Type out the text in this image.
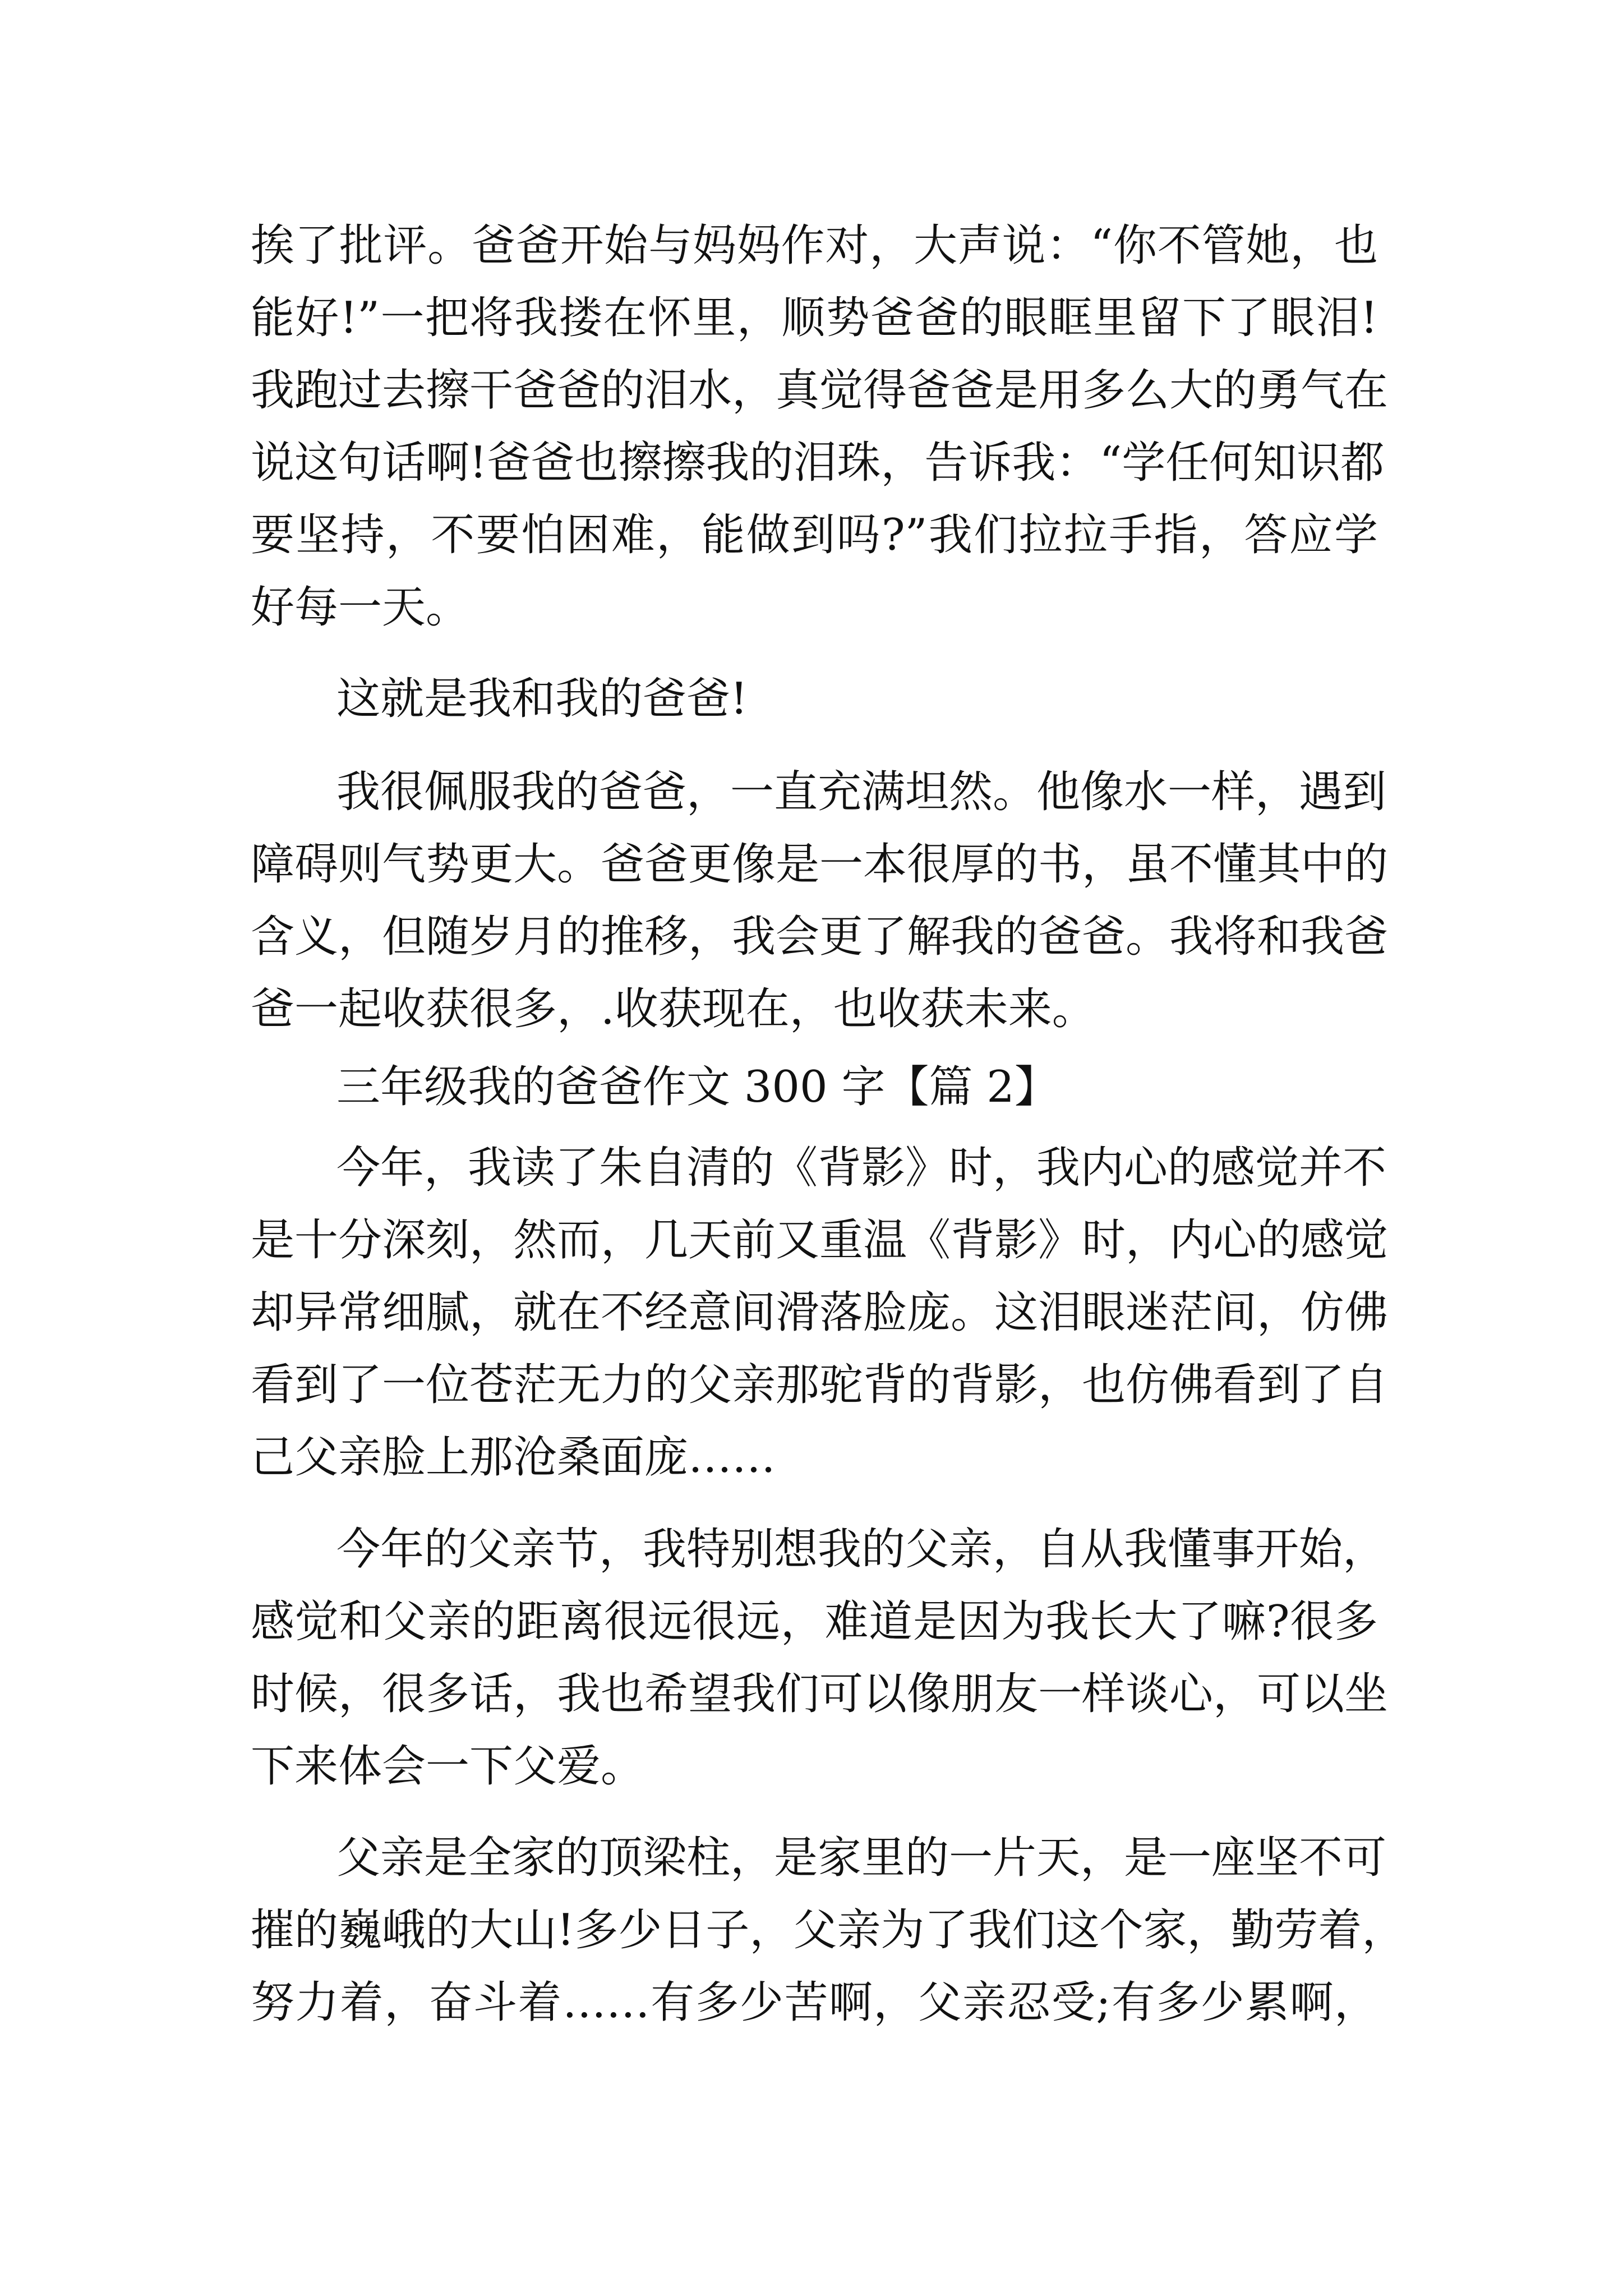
挨了批评。爸爸开始与妈妈作对，大声说：“你不管她，也
能好!”一把将我搂在怀里，顺势爸爸的眼眶里留下了眼泪!
我跑过去擦干爸爸的泪水，真觉得爸爸是用多么大的勇气在
说这句话啊!爸爸也擦擦我的泪珠，告诉我：“学任何知识都
要坚持，不要怕困难，能做到吗?”我们拉拉手指，答应学
好每一天。
这就是我和我的爸爸!
我很佩服我的爸爸，一直充满坦然。他像水一样，遇到
障碍则气势更大。爸爸更像是一本很厚的书，虽不懂其中的
含义，但随岁月的推移，我会更了解我的爸爸。我将和我爸
爸一起收获很多，.收获现在，也收获未来。
三年级我的爸爸作文 300 字【篇 2】
今年，我读了朱自清的《背影》时，我内心的感觉并不
是十分深刻，然而，几天前又重温《背影》时，内心的感觉
却异常细腻，就在不经意间滑落脸庞。这泪眼迷茫间，仿佛
看到了一位苍茫无力的父亲那驼背的背影，也仿佛看到了自
己父亲脸上那沧桑面庞……
今年的父亲节，我特别想我的父亲，自从我懂事开始，
感觉和父亲的距离很远很远，难道是因为我长大了嘛?很多
时候，很多话，我也希望我们可以像朋友一样谈心，可以坐
下来体会一下父爱。
父亲是全家的顶梁柱，是家里的一片天，是一座坚不可
摧的巍峨的大山!多少日子，父亲为了我们这个家，勤劳着，
努力着，奋斗着……有多少苦啊，父亲忍受;有多少累啊，
